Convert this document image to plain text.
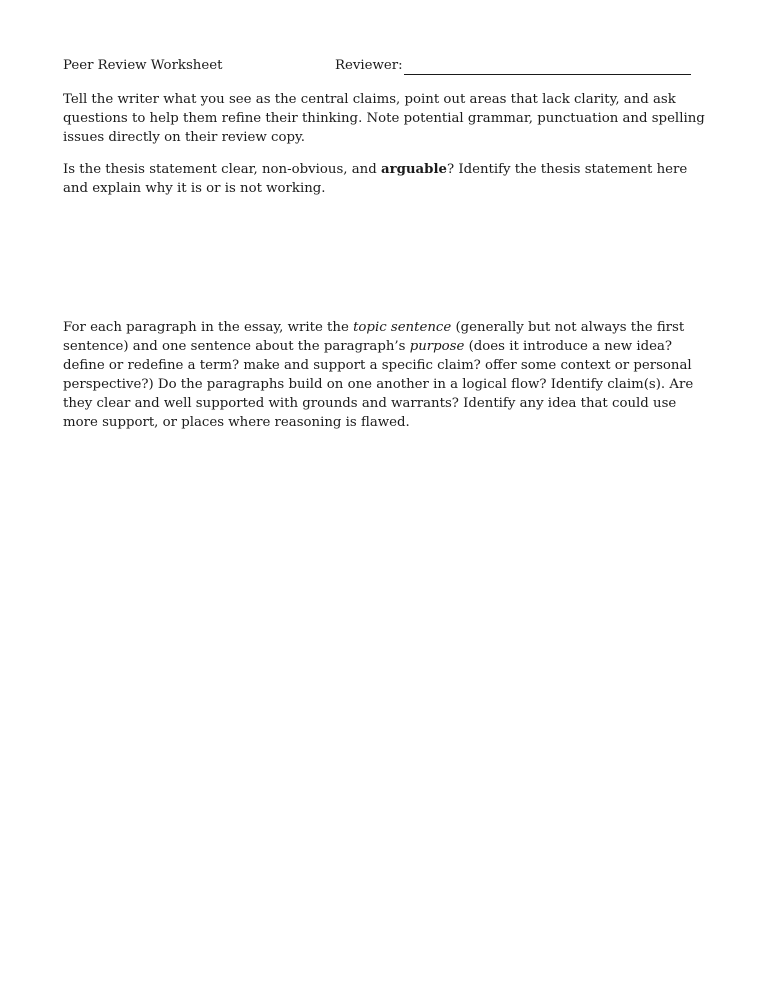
Peer Review Worksheet	Reviewer:

Tell the writer what you see as the central claims, point out areas that lack clarity, and ask questions to help them refine their thinking. Note potential grammar, punctuation and spelling issues directly on their review copy.

Is the thesis statement clear, non-obvious, and arguable? Identify the thesis statement here and explain why it is or is not working.

For each paragraph in the essay, write the topic sentence (generally but not always the first sentence) and one sentence about the paragraph’s purpose (does it introduce a new idea? define or redefine a term? make and support a specific claim? offer some context or personal perspective?) Do the paragraphs build on one another in a logical flow? Identify claim(s). Are they clear and well supported with grounds and warrants? Identify any idea that could use more support, or places where reasoning is flawed.
